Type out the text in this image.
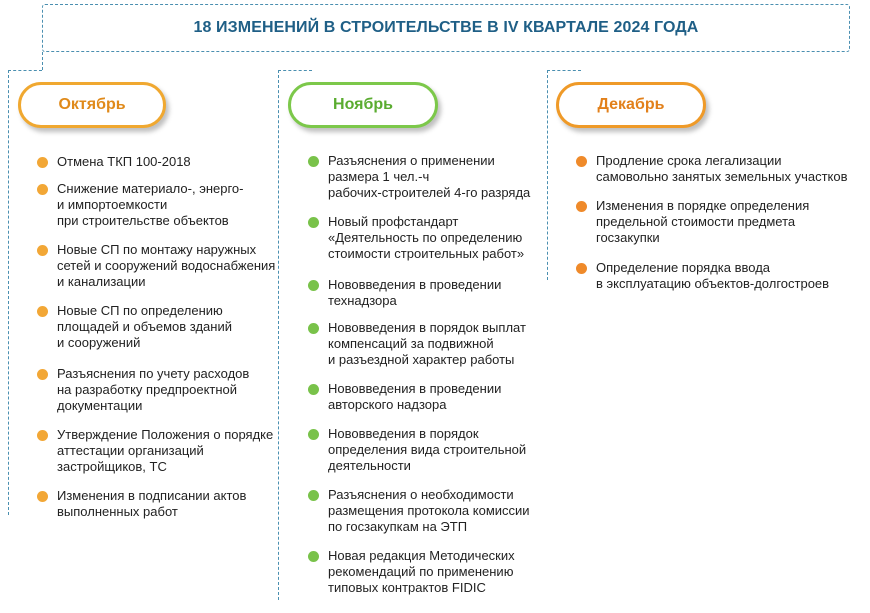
18 ИЗМЕНЕНИЙ В СТРОИТЕЛЬСТВЕ В IV КВАРТАЛЕ 2024 ГОДА
Октябрь	Ноябрь	Декабрь
Отмена ТКП 100-2018
Снижение материало-, энерго-
и импортоемкости
при строительстве объектов
Новые СП по монтажу наружных
сетей и сооружений водоснабжения
и канализации
Новые СП по определению
площадей и объемов зданий
и сооружений
Разъяснения по учету расходов
на разработку предпроектной
документации
Утверждение Положения о порядке
аттестации организаций
застройщиков, ТС
Изменения в подписании актов
выполненных работ
Разъяснения о применении
размера 1 чел.-ч
рабочих-строителей 4-го разряда
Новый профстандарт
«Деятельность по определению
стоимости строительных работ»
Нововведения в проведении
технадзора
Нововведения в порядок выплат
компенсаций за подвижной
и разъездной характер работы
Нововведения в проведении
авторского надзора
Нововведения в порядок
определения вида строительной
деятельности
Разъяснения о необходимости
размещения протокола комиссии
по госзакупкам на ЭТП
Новая редакция Методических
рекомендаций по применению
типовых контрактов FIDIC
Продление срока легализации
самовольно занятых земельных участков
Изменения в порядке определения
предельной стоимости предмета
госзакупки
Определение порядка ввода
в эксплуатацию объектов-долгостроев
